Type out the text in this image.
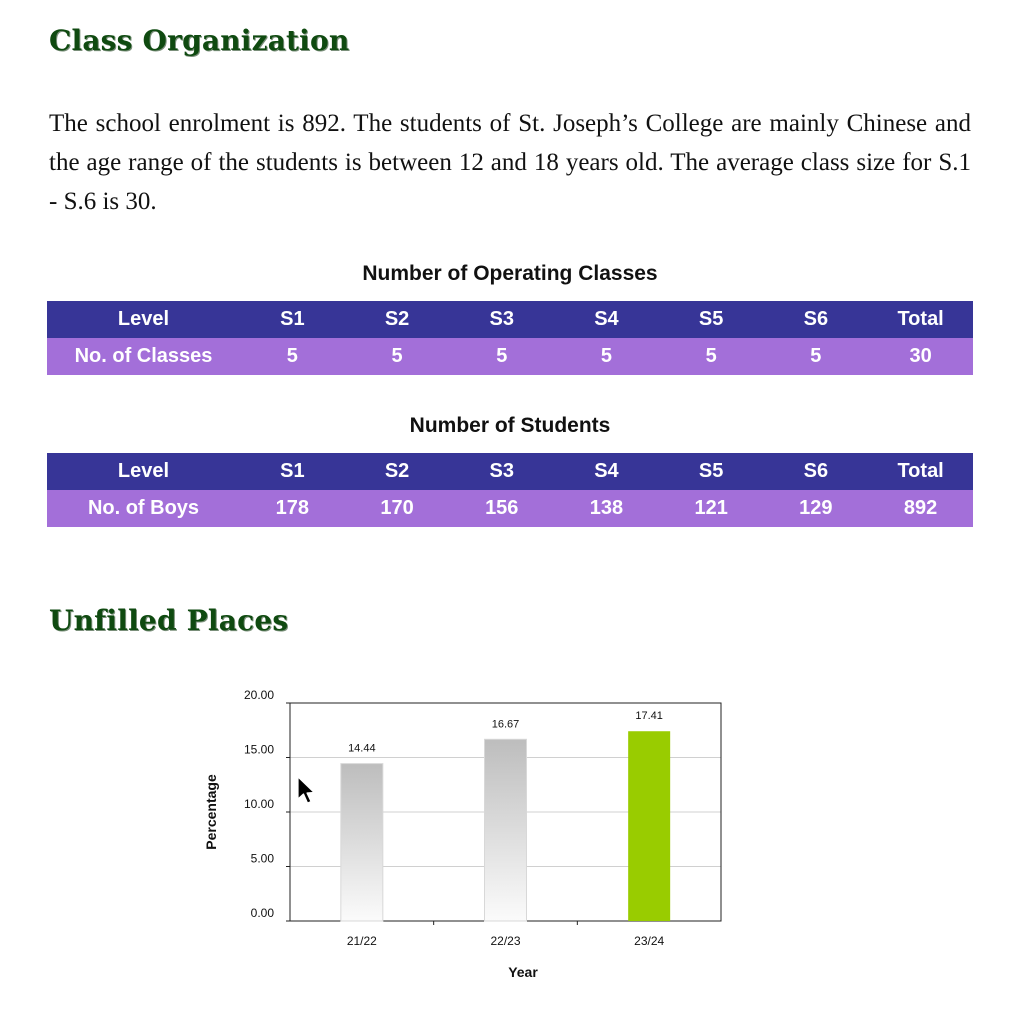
Class Organization

The school enrolment is 892. The students of St. Joseph’s College are mainly Chinese and the age range of the students is between 12 and 18 years old. The average class size for S.1 - S.6 is 30.

Number of Operating Classes
Level	S1	S2	S3	S4	S5	S6	Total
No. of Classes	5	5	5	5	5	5	30
Number of Students
Level	S1	S2	S3	S4	S5	S6	Total
No. of Boys	178	170	156	138	121	129	892
Unfilled Places
0.00
5.00
10.00
15.00
20.00
14.44
16.67
17.41
21/22	22/23	23/24
Percentage
Year
